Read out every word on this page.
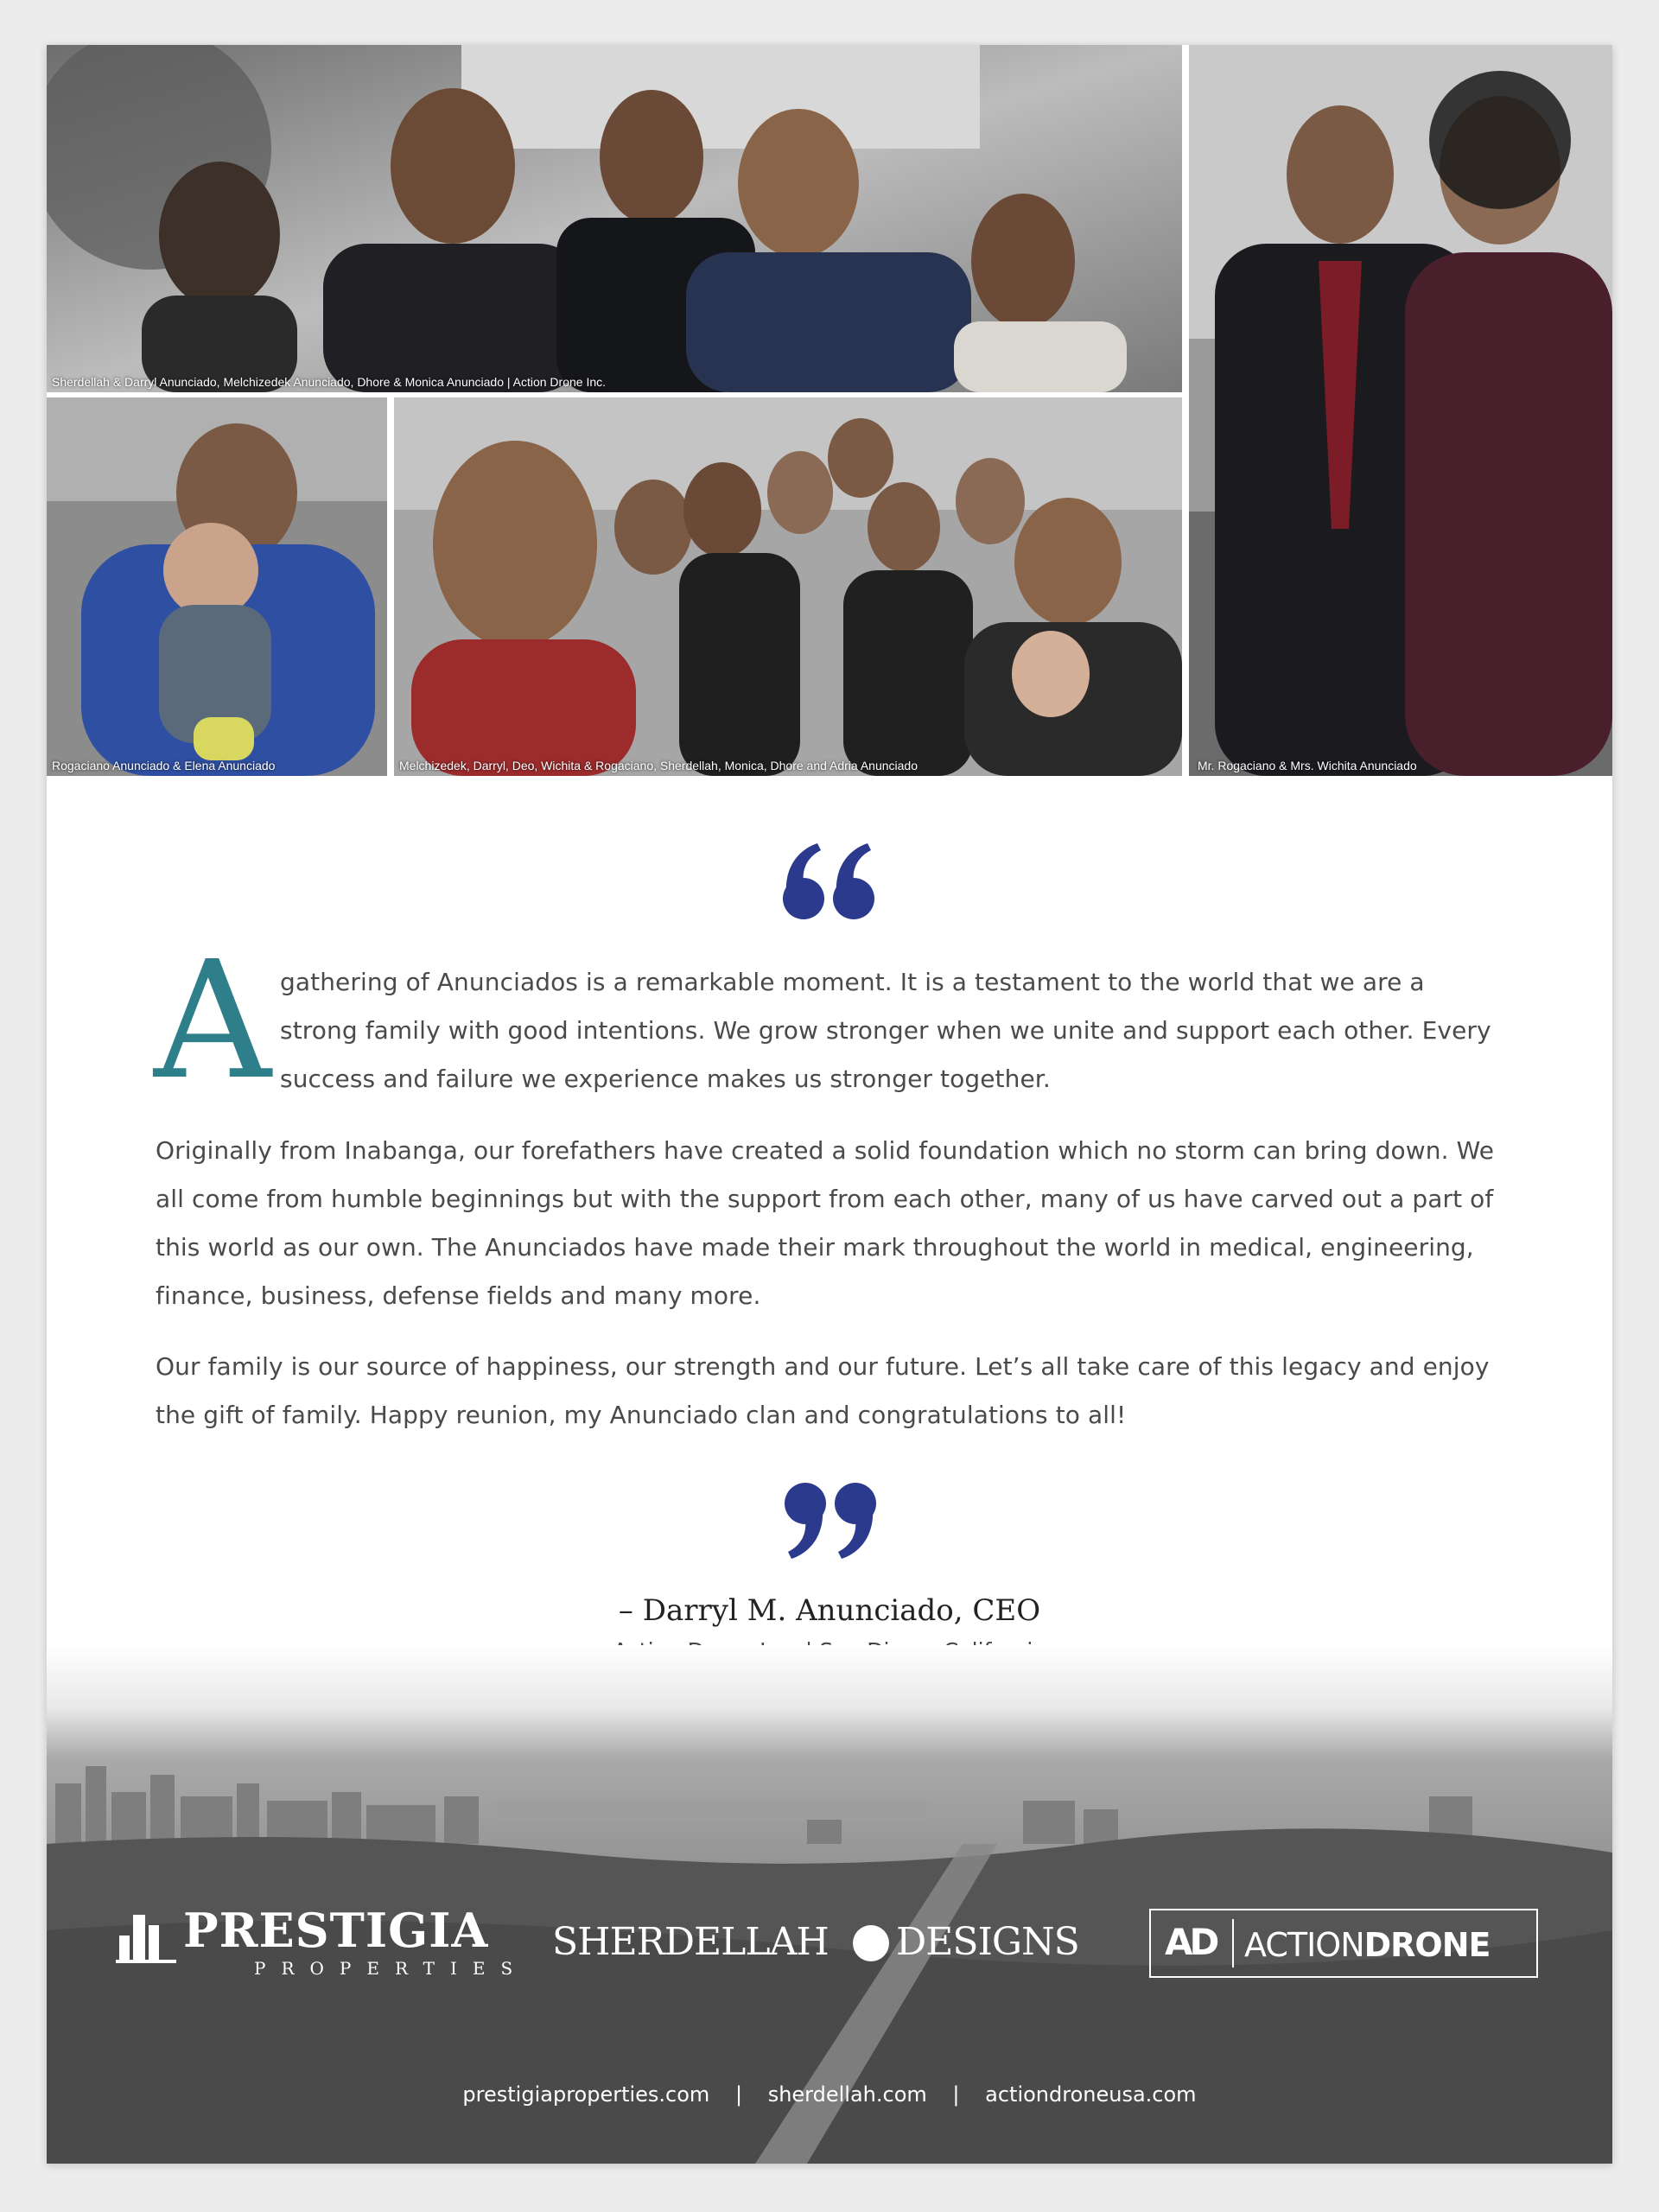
Sherdellah & Darryl Anunciado, Melchizedek Anunciado, Dhore & Monica Anunciado | Action Drone Inc.
Mr. Rogaciano & Mrs. Wichita Anunciado
Rogaciano Anunciado & Elena Anunciado	Melchizedek, Darryl, Deo, Wichita & Rogaciano, Sherdellah, Monica, Dhore and Adria Anunciado
A gathering of Anunciados is a remarkable moment. It is a testament to the world that we are a strong family with good intentions. We grow stronger when we unite and support each other. Every success and failure we experience makes us stronger together.
Originally from Inabanga, our forefathers have created a solid foundation which no storm can bring down. We all come from humble beginnings but with the support from each other, many of us have carved out a part of this world as our own. The Anunciados have made their mark throughout the world in medical, engineering, finance, business, defense fields and many more.
Our family is our source of happiness, our strength and our future. Let’s all take care of this legacy and enjoy the gift of family. Happy reunion, my Anunciado clan and congratulations to all!
– Darryl M. Anunciado, CEO
PRESTIGIA
PROPERTIES
SHERDELLAH DESIGNS AD ACTIONDRONE
prestigiaproperties.com | sherdellah.com | actiondroneusa.com
